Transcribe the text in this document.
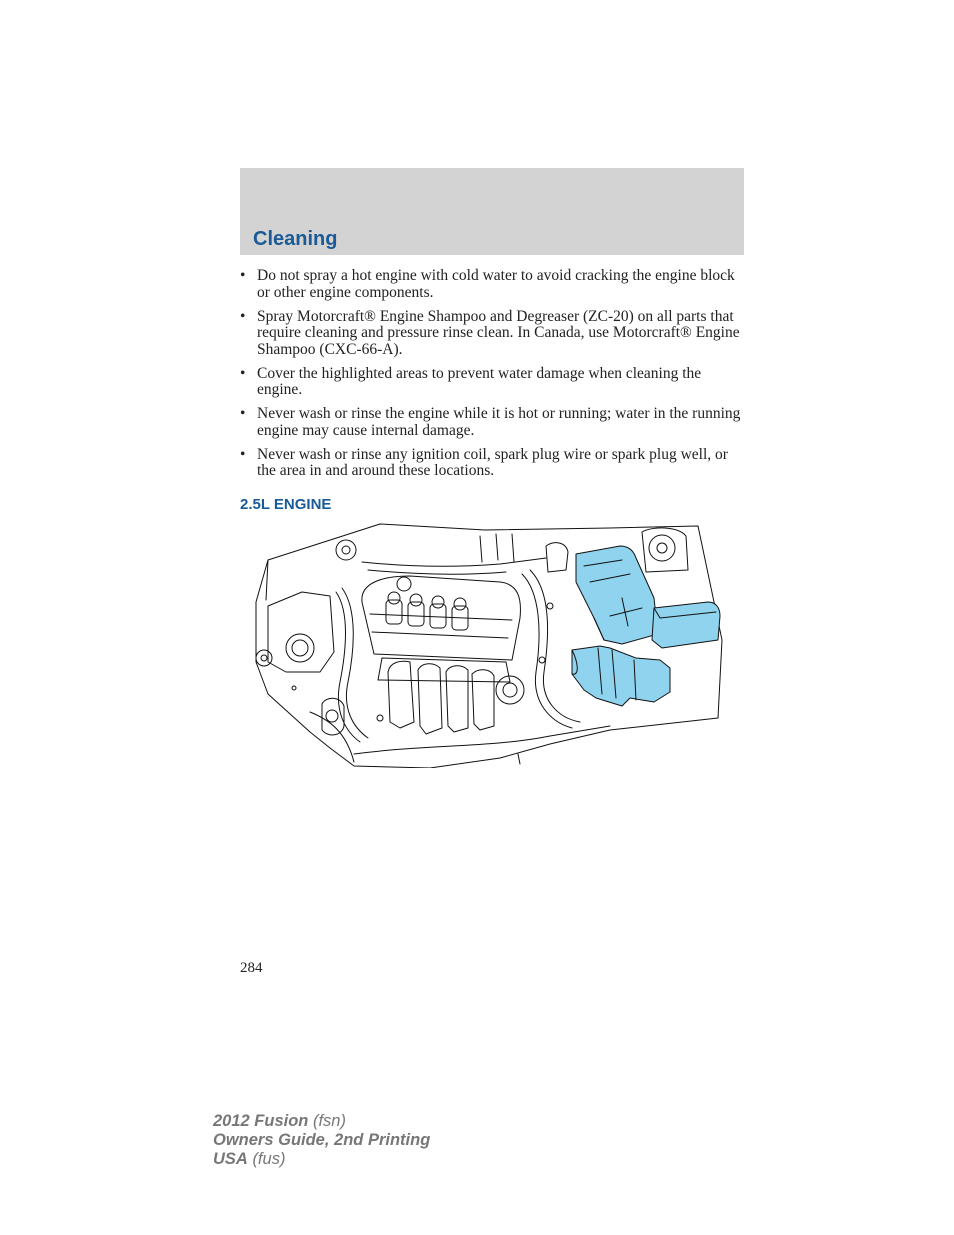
Cleaning
• Do not spray a hot engine with cold water to avoid cracking the engine block or other engine components.
• Spray Motorcraft® Engine Shampoo and Degreaser (ZC-20) on all parts that require cleaning and pressure rinse clean. In Canada, use Motorcraft® Engine Shampoo (CXC-66-A).
• Cover the highlighted areas to prevent water damage when cleaning the engine.
• Never wash or rinse the engine while it is hot or running; water in the running engine may cause internal damage.
• Never wash or rinse any ignition coil, spark plug wire or spark plug well, or the area in and around these locations.
2.5L ENGINE
284
2012 Fusion (fsn)
Owners Guide, 2nd Printing
USA (fus)
